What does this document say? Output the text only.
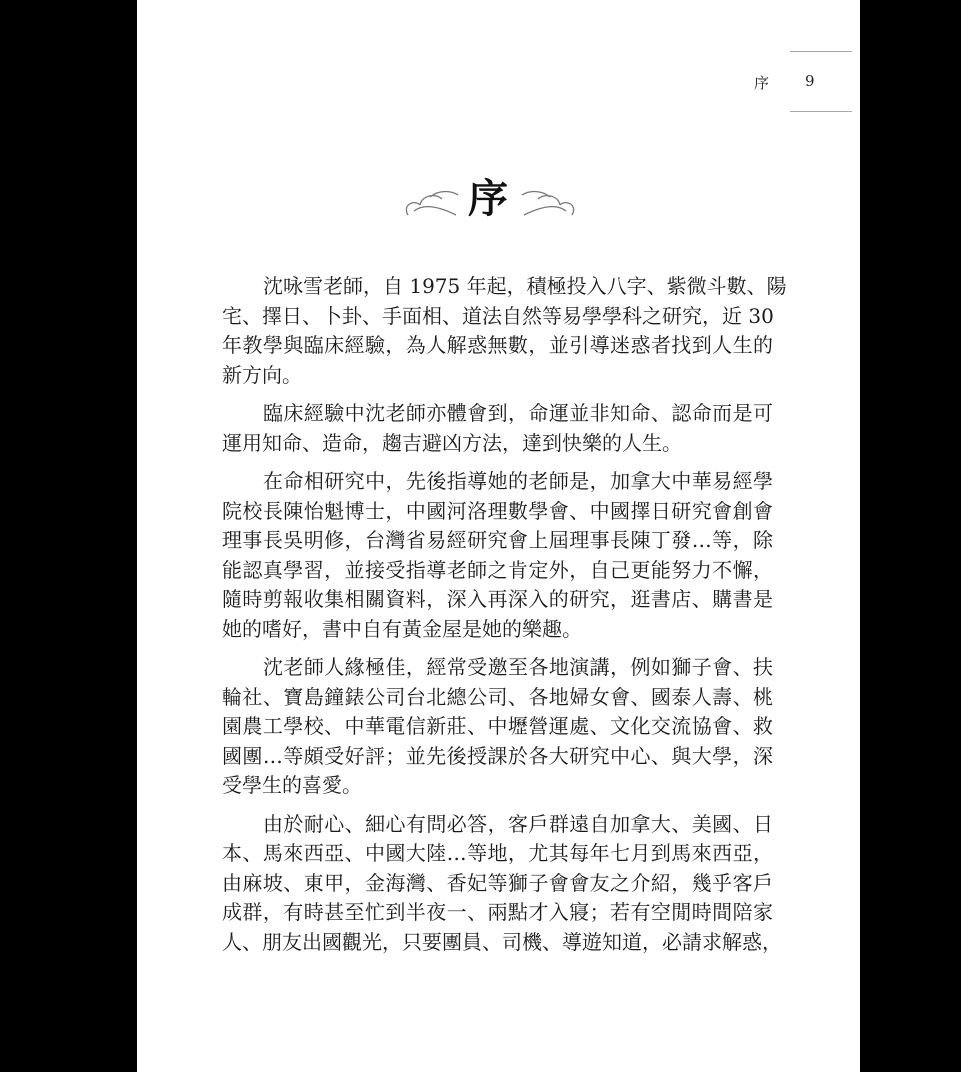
序 9
序
沈咏雪老師，自 1975 年起，積極投入八字、紫微斗數、陽
宅、擇日、卜卦、手面相、道法自然等易學學科之研究，近 30
年教學與臨床經驗，為人解惑無數，並引導迷惑者找到人生的
新方向。
臨床經驗中沈老師亦體會到，命運並非知命、認命而是可
運用知命、造命，趨吉避凶方法，達到快樂的人生。
在命相研究中，先後指導她的老師是，加拿大中華易經學
院校長陳怡魁博士，中國河洛理數學會、中國擇日研究會創會
理事長吳明修，台灣省易經研究會上屆理事長陳丁發…等，除
能認真學習，並接受指導老師之肯定外，自己更能努力不懈，
隨時剪報收集相關資料，深入再深入的研究，逛書店、購書是
她的嗜好，書中自有黃金屋是她的樂趣。
沈老師人緣極佳，經常受邀至各地演講，例如獅子會、扶
輪社、寶島鐘錶公司台北總公司、各地婦女會、國泰人壽、桃
園農工學校、中華電信新莊、中壢營運處、文化交流協會、救
國團…等頗受好評；並先後授課於各大研究中心、與大學，深
受學生的喜愛。
由於耐心、細心有問必答，客戶群遠自加拿大、美國、日
本、馬來西亞、中國大陸…等地，尤其每年七月到馬來西亞，
由麻坡、東甲，金海灣、香妃等獅子會會友之介紹，幾乎客戶
成群，有時甚至忙到半夜一、兩點才入寢；若有空閒時間陪家
人、朋友出國觀光，只要團員、司機、導遊知道，必請求解惑，
